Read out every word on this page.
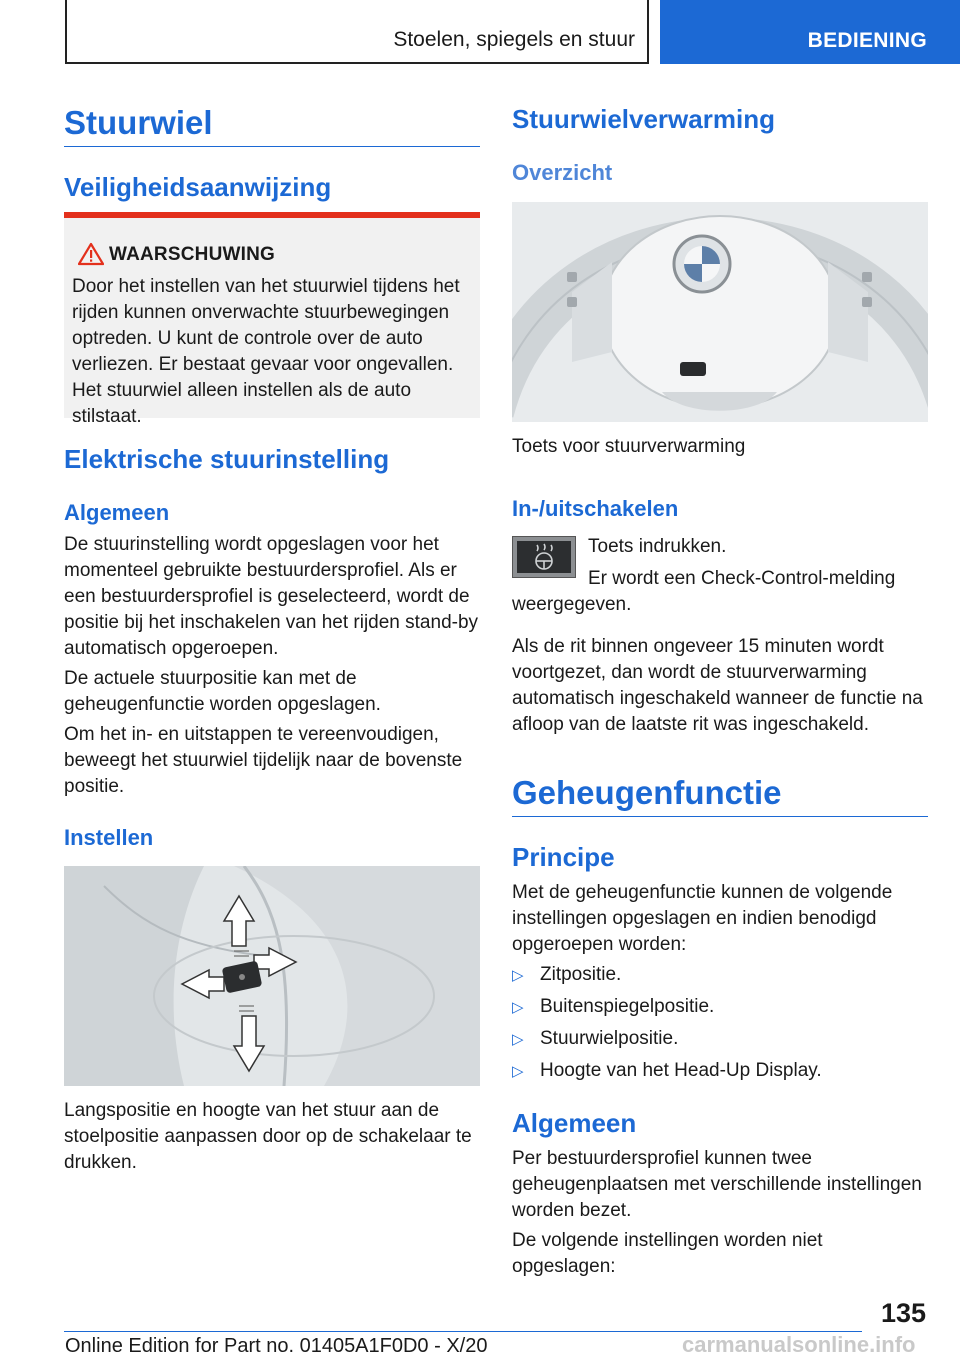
Stoelen, spiegels en stuur	BEDIENING
Stuurwiel
Veiligheidsaanwijzing
WAARSCHUWING
Door het instellen van het stuurwiel tijdens het rijden kunnen onverwachte stuurbewegingen optreden. U kunt de controle over de auto verliezen. Er bestaat gevaar voor ongevallen. Het stuurwiel alleen instellen als de auto stilstaat.
Elektrische stuurinstelling
Algemeen
De stuurinstelling wordt opgeslagen voor het momenteel gebruikte bestuurdersprofiel. Als er een bestuurdersprofiel is geselecteerd, wordt de positie bij het inschakelen van het rijden stand-by automatisch opgeroepen.
De actuele stuurpositie kan met de geheugenfunctie worden opgeslagen.
Om het in- en uitstappen te vereenvoudigen, beweegt het stuurwiel tijdelijk naar de bovenste positie.
Instellen
Langspositie en hoogte van het stuur aan de stoelpositie aanpassen door op de schakelaar te drukken.
Stuurwielverwarming
Overzicht
Toets voor stuurverwarming
In-/uitschakelen
Toets indrukken.
Er wordt een Check-Control-melding
weergegeven.
Als de rit binnen ongeveer 15 minuten wordt voortgezet, dan wordt de stuurverwarming automatisch ingeschakeld wanneer de functie na afloop van de laatste rit was ingeschakeld.
Geheugenfunctie
Principe
Met de geheugenfunctie kunnen de volgende instellingen opgeslagen en indien benodigd opgeroepen worden:
▷ Zitpositie.
▷ Buitenspiegelpositie.
▷ Stuurwielpositie.
▷ Hoogte van het Head-Up Display.
Algemeen
Per bestuurdersprofiel kunnen twee geheugenplaatsen met verschillende instellingen worden bezet.
De volgende instellingen worden niet opgeslagen:
135
Online Edition for Part no. 01405A1F0D0 - X/20	carmanualsonline.info
